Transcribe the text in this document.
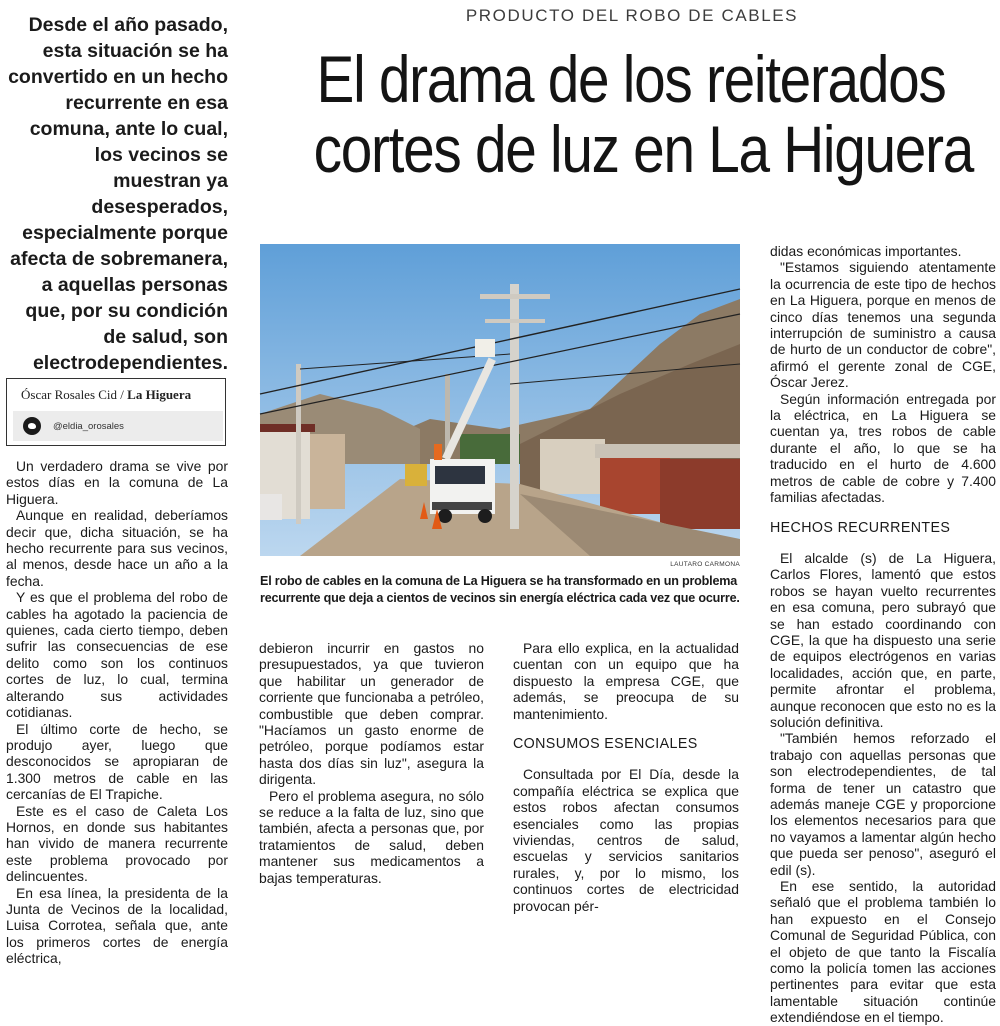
PRODUCTO DEL ROBO DE CABLES
El drama de los reiterados
cortes de luz en La Higuera
Desde el año pasado, esta situación se ha convertido en un hecho recurrente en esa comuna, ante lo cual, los vecinos se muestran ya desesperados, especialmente porque afecta de sobremanera, a aquellas personas que, por su condición de salud, son electrodependientes.
Óscar Rosales Cid / La Higuera
@eldia_orosales
LAUTARO CARMONA
El robo de cables en la comuna de La Higuera se ha transformado en un problema recurrente que deja a cientos de vecinos sin energía eléctrica cada vez que ocurre.

Un verdadero drama se vive por estos días en la comuna de La Higuera.

Aunque en realidad, deberíamos decir que, dicha situación, se ha hecho recurrente para sus vecinos, al menos, desde hace un año a la fecha.

Y es que el problema del robo de cables ha agotado la paciencia de quienes, cada cierto tiempo, deben sufrir las consecuencias de ese delito como son los continuos cortes de luz, lo cual, termina alterando sus actividades cotidianas.

El último corte de hecho, se produjo ayer, luego que desconocidos se apropiaran de 1.300 metros de cable en las cercanías de El Trapiche.

Este es el caso de Caleta Los Hornos, en donde sus habitantes han vivido de manera recurrente este problema provocado por delincuentes.

En esa línea, la presidenta de la Junta de Vecinos de la localidad, Luisa Corrotea, señala que, ante los primeros cortes de energía eléctrica,

debieron incurrir en gastos no presupuestados, ya que tuvieron que habilitar un generador de corriente que funcionaba a petróleo, combustible que deben comprar. "Hacíamos un gasto enorme de petróleo, porque podíamos estar hasta dos días sin luz", asegura la dirigenta.

Pero el problema asegura, no sólo se reduce a la falta de luz, sino que también, afecta a personas que, por tratamientos de salud, deben mantener sus medicamentos a bajas temperaturas.

Para ello explica, en la actualidad cuentan con un equipo que ha dispuesto la empresa CGE, que además, se preocupa de su mantenimiento.

CONSUMOS ESENCIALES

Consultada por El Día, desde la compañía eléctrica se explica que estos robos afectan consumos esenciales como las propias viviendas, centros de salud, escuelas y servicios sanitarios rurales, y, por lo mismo, los continuos cortes de electricidad provocan pér-

didas económicas importantes.

"Estamos siguiendo atentamente la ocurrencia de este tipo de hechos en La Higuera, porque en menos de cinco días tenemos una segunda interrupción de suministro a causa de hurto de un conductor de cobre", afirmó el gerente zonal de CGE, Óscar Jerez.

Según información entregada por la eléctrica, en La Higuera se cuentan ya, tres robos de cable durante el año, lo que se ha traducido en el hurto de 4.600 metros de cable de cobre y 7.400 familias afectadas.

HECHOS RECURRENTES

El alcalde (s) de La Higuera, Carlos Flores, lamentó que estos robos se hayan vuelto recurrentes en esa comuna, pero subrayó que se han estado coordinando con CGE, la que ha dispuesto una serie de equipos electrógenos en varias localidades, acción que, en parte, permite afrontar el problema, aunque reconocen que esto no es la solución definitiva.

"También hemos reforzado el trabajo con aquellas personas que son electrodependientes, de tal forma de tener un catastro que además maneje CGE y proporcione los elementos necesarios para que no vayamos a lamentar algún hecho que pueda ser penoso", aseguró el edil (s).

En ese sentido, la autoridad señaló que el problema también lo han expuesto en el Consejo Comunal de Seguridad Pública, con el objeto de que tanto la Fiscalía como la policía tomen las acciones pertinentes para evitar que esta lamentable situación continúe extendiéndose en el tiempo.
